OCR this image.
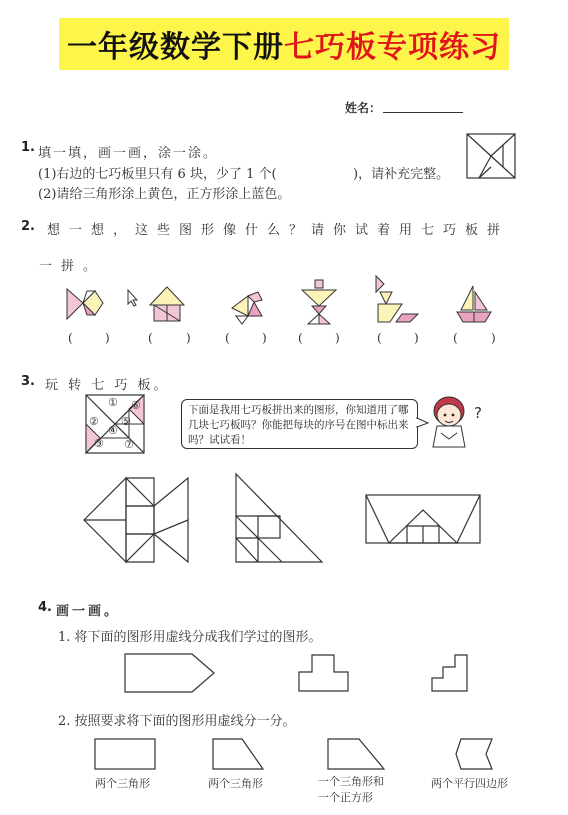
一年级数学下册 七巧板专项练习
姓名：
1. 填一填，画一画，涂一涂。
(1)右边的七巧板里只有 6 块，少了 1 个(	)，请补充完整。
(2)请给三角形涂上黄色，正方形涂上蓝色。
2. 想一想，这些图形像什么？请你试着用七巧板拼
一拼。
(	)	(	)	(	)	(	)	(	)	(	)
3. 玩 转 七 巧 板。
①
②
③
④
⑤
⑥
⑦
下面是我用七巧板拼出来的图形，你知道用了哪几块七巧板吗？你能把每块的序号在图中标出来吗？试试看！
?
4. 画一画。
1. 将下面的图形用虚线分成我们学过的图形。
2. 按照要求将下面的图形用虚线分一分。
两个三角形	两个三角形	一个三角形和
一个正方形
两个平行四边形
